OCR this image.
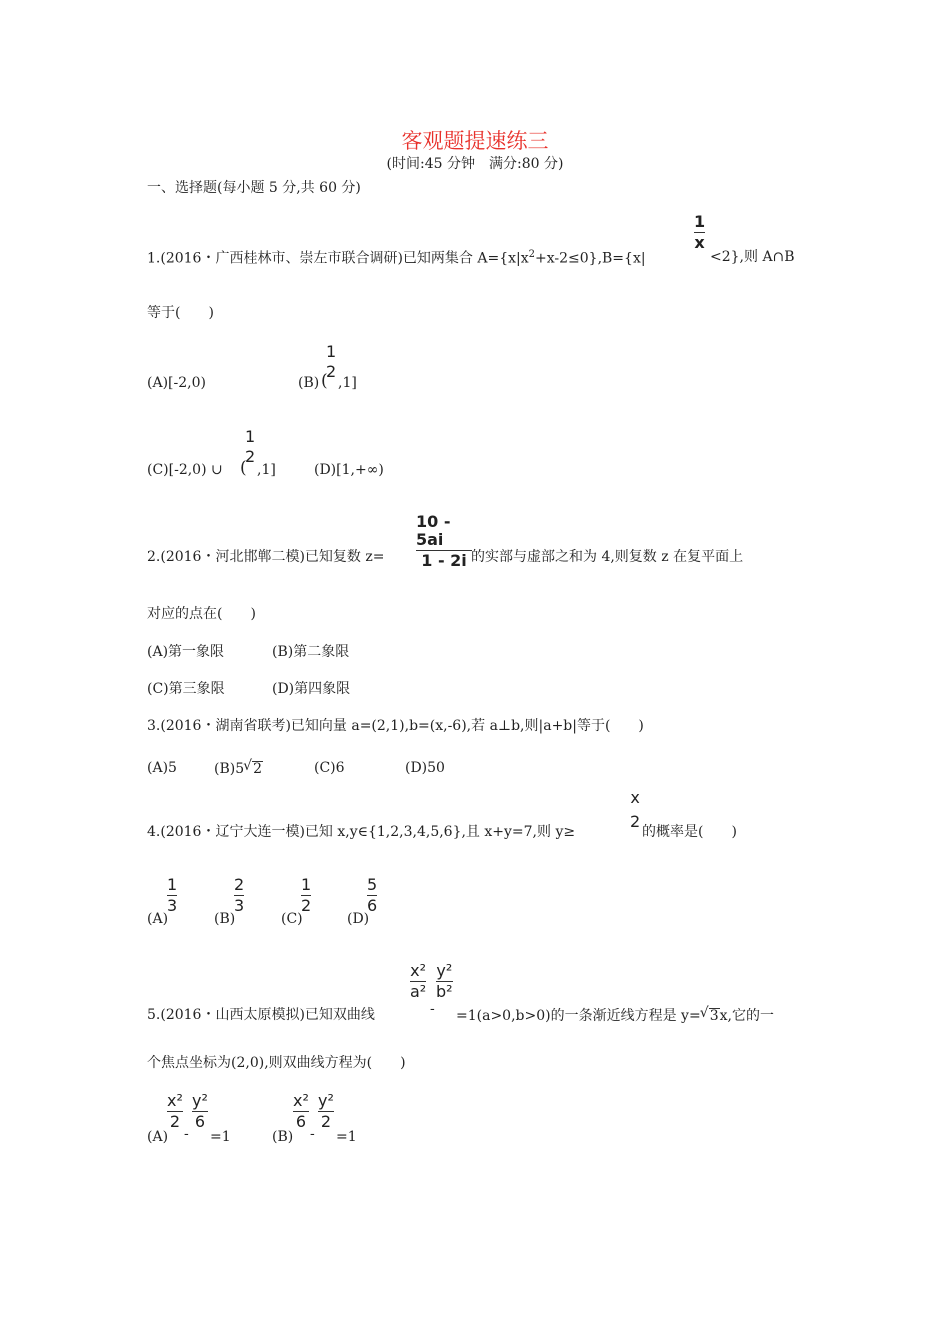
客观题提速练三
(时间:45 分钟　满分:80 分)
一、选择题(每小题 5 分,共 60 分)
1.(2016・广西桂林市、崇左市联合调研)已知两集合 $A=\{x|x^2+x-2\le 0\},B=\{x|$
1
x
<2},则 A∩B
等于(　　)
(A)[-2,0)	(B) (
1
2
,1]
(C)[-2,0) ∪ (
1
2
,1]	(D)[1,+∞)
2.(2016・河北邯郸二模)已知复数 z=
10 - 5ai
1 - 2i 的实部与虚部之和为 4,则复数 z 在复平面上
对应的点在(　　)
(A)第一象限	(B)第二象限
(C)第三象限	(D)第四象限
3.(2016・湖南省联考)已知向量 a=(2,1),b=(x,-6),若 a⊥b,则|a+b|等于(　　)
(A)5	(B)5 √ 2	(C)6	(D)50
4.(2016・辽宁大连一模)已知 x,y∈{1,2,3,4,5,6},且 x+y=7,则 y≥
x
2
的概率是(　　)
(A)
1
3
(B)
2
3
(C)
1
2
(D)
5
6
5.(2016・山西太原模拟)已知双曲线
x²
a²
-
y²
b²
=1(a>0,b>0)的一条渐近线方程是 y= √ 3x,它的一
个焦点坐标为(2,0),则双曲线方程为(　　)
(A)
x²
2
-
y²
6
=1	(B)
x²
6
-
y²
2
=1
